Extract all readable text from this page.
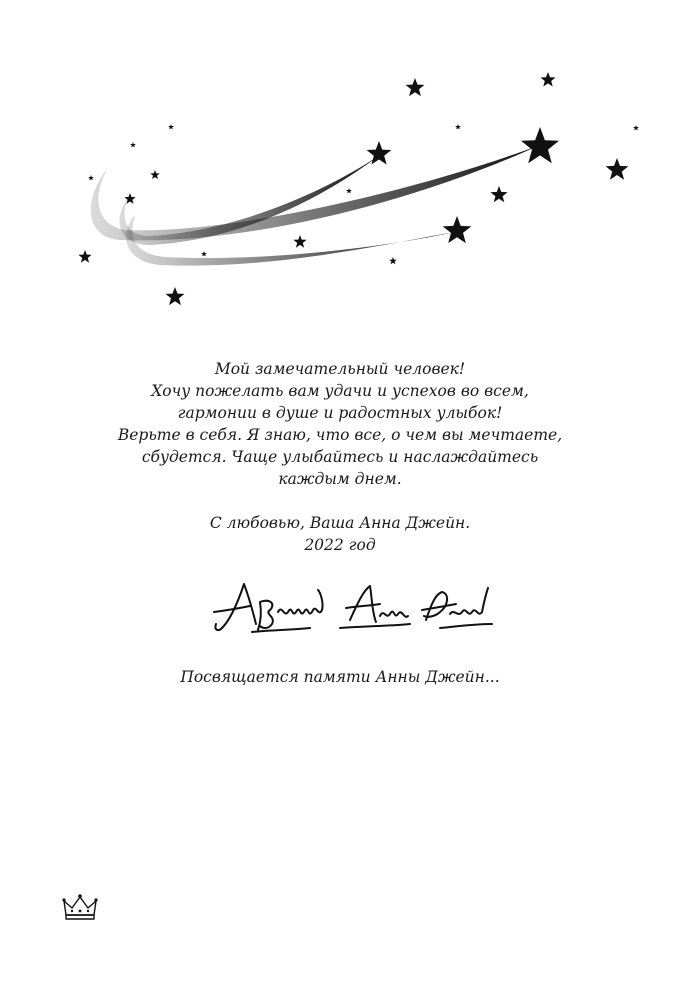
Мой замечательный человек!

Хочу пожелать вам удачи и успехов во всем,

гармонии в душе и радостных улыбок!

Верьте в себя. Я знаю, что все, о чем вы мечтаете,

сбудется. Чаще улыбайтесь и наслаждайтесь

каждым днем.

С любовью, Ваша Анна Джейн.

2022 год

Посвящается памяти Анны Джейн...
